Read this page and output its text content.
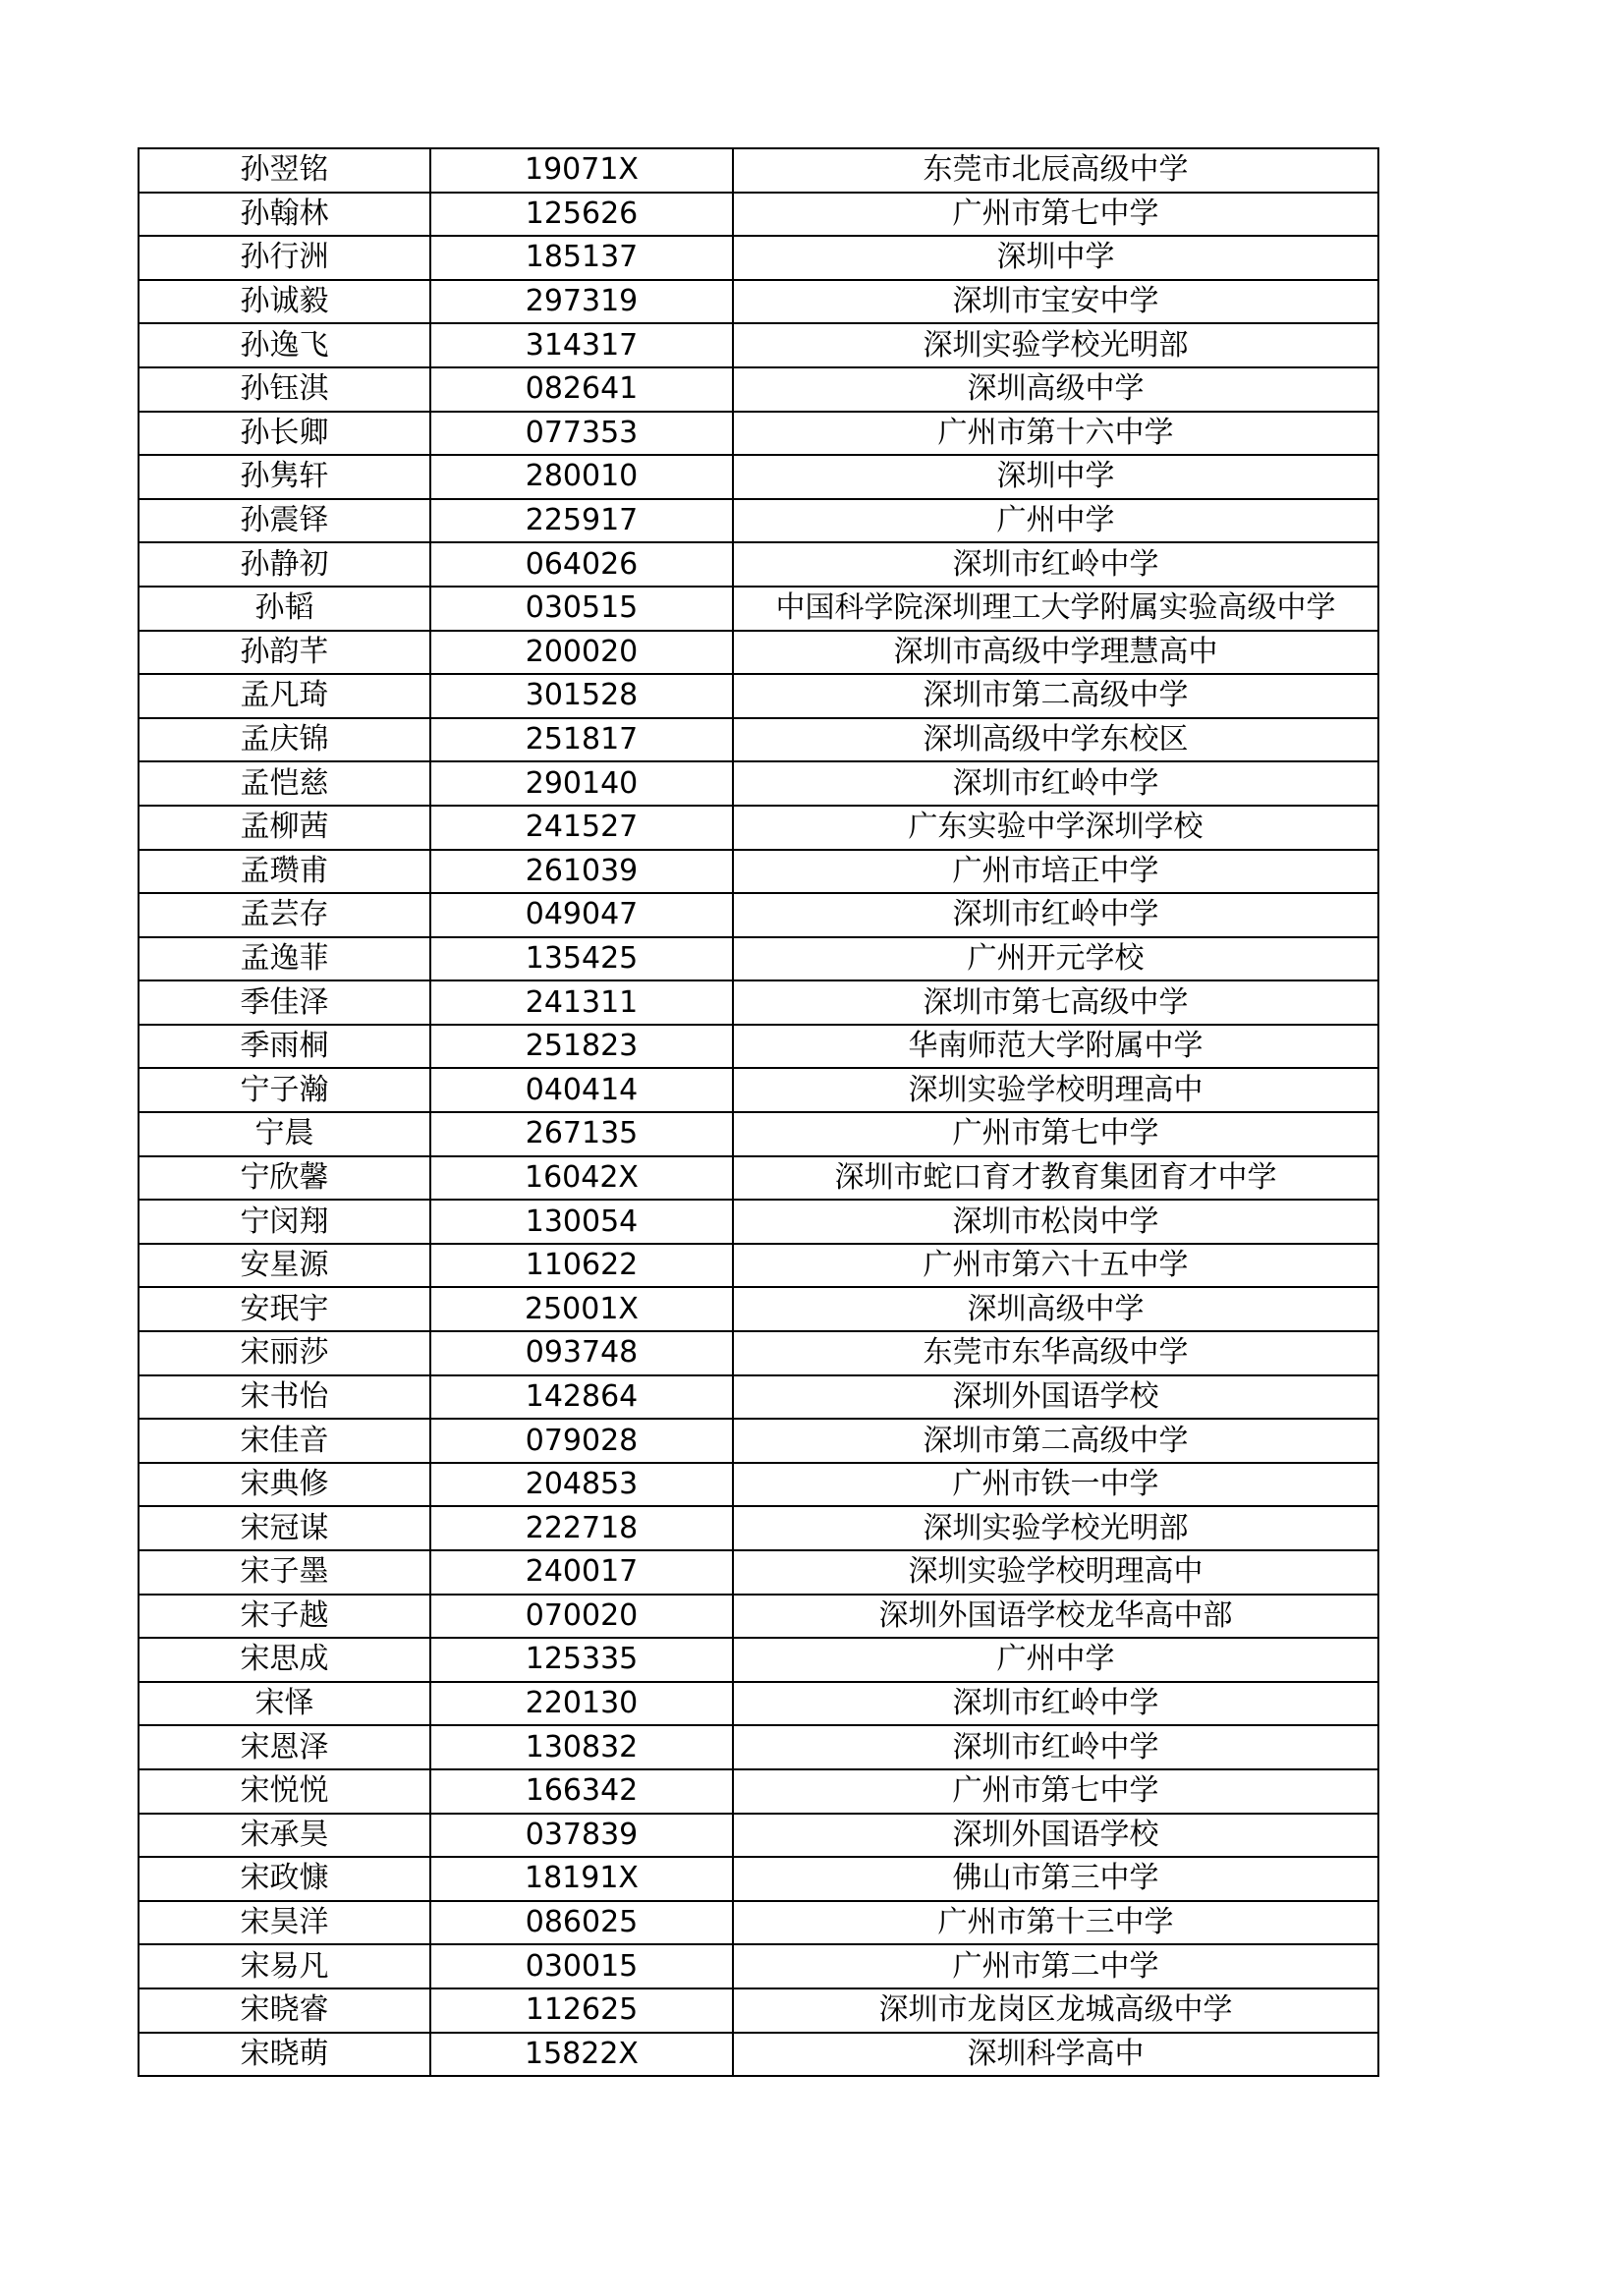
孙翌铭	19071X	东莞市北辰高级中学
孙翰林	125626	广州市第七中学
孙行洲	185137	深圳中学
孙诚毅	297319	深圳市宝安中学
孙逸飞	314317	深圳实验学校光明部
孙钰淇	082641	深圳高级中学
孙长卿	077353	广州市第十六中学
孙隽轩	280010	深圳中学
孙震铎	225917	广州中学
孙静初	064026	深圳市红岭中学
孙韬	030515	中国科学院深圳理工大学附属实验高级中学
孙韵芊	200020	深圳市高级中学理慧高中
孟凡琦	301528	深圳市第二高级中学
孟庆锦	251817	深圳高级中学东校区
孟恺慈	290140	深圳市红岭中学
孟柳茜	241527	广东实验中学深圳学校
孟瓒甫	261039	广州市培正中学
孟芸存	049047	深圳市红岭中学
孟逸菲	135425	广州开元学校
季佳泽	241311	深圳市第七高级中学
季雨桐	251823	华南师范大学附属中学
宁子瀚	040414	深圳实验学校明理高中
宁晨	267135	广州市第七中学
宁欣馨	16042X	深圳市蛇口育才教育集团育才中学
宁闵翔	130054	深圳市松岗中学
安星源	110622	广州市第六十五中学
安珉宇	25001X	深圳高级中学
宋丽莎	093748	东莞市东华高级中学
宋书怡	142864	深圳外国语学校
宋佳音	079028	深圳市第二高级中学
宋典修	204853	广州市铁一中学
宋冠谋	222718	深圳实验学校光明部
宋子墨	240017	深圳实验学校明理高中
宋子越	070020	深圳外国语学校龙华高中部
宋思成	125335	广州中学
宋怿	220130	深圳市红岭中学
宋恩泽	130832	深圳市红岭中学
宋悦悦	166342	广州市第七中学
宋承昊	037839	深圳外国语学校
宋政慷	18191X	佛山市第三中学
宋昊洋	086025	广州市第十三中学
宋易凡	030015	广州市第二中学
宋晓睿	112625	深圳市龙岗区龙城高级中学
宋晓萌	15822X	深圳科学高中
